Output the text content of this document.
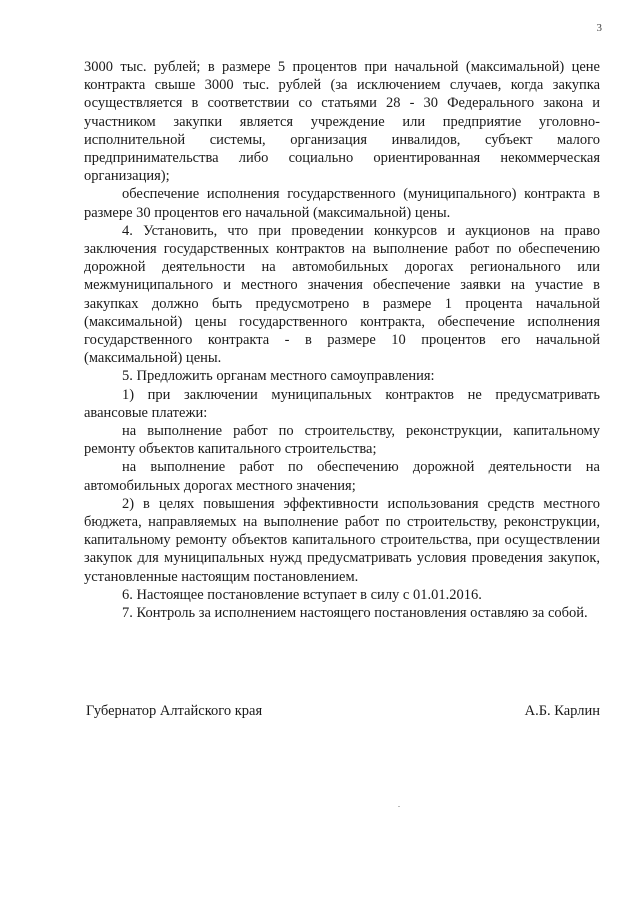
3

3000 тыс. рублей; в размере 5 процентов при начальной (максимальной) цене контракта свыше 3000 тыс. рублей (за исключением случаев, когда закупка осуществляется в соответствии со статьями 28 - 30 Федерального закона и участником закупки является учреждение или предприятие уголовно-исполнительной системы, организация инвалидов, субъект малого предпринимательства либо социально ориентированная некоммерческая организация);

обеспечение исполнения государственного (муниципального) контракта в размере 30 процентов его начальной (максимальной) цены.

4. Установить, что при проведении конкурсов и аукционов на право заключения государственных контрактов на выполнение работ по обеспечению дорожной деятельности на автомобильных дорогах регионального или межмуниципального и местного значения обеспечение заявки на участие в закупках должно быть предусмотрено в размере 1 процента начальной (максимальной) цены государственного контракта, обеспечение исполнения государственного контракта - в размере 10 процентов его начальной (максимальной) цены.

5. Предложить органам местного самоуправления:

1) при заключении муниципальных контрактов не предусматривать авансовые платежи:

на выполнение работ по строительству, реконструкции, капитальному ремонту объектов капитального строительства;

на выполнение работ по обеспечению дорожной деятельности на автомобильных дорогах местного значения;

2) в целях повышения эффективности использования средств местного бюджета, направляемых на выполнение работ по строительству, реконструкции, капитальному ремонту объектов капитального строительства, при осуществлении закупок для муниципальных нужд предусматривать условия проведения закупок, установленные настоящим постановлением.

6. Настоящее постановление вступает в силу с 01.01.2016.

7. Контроль за исполнением настоящего постановления оставляю за собой.

Губернатор Алтайского края	А.Б. Карлин
